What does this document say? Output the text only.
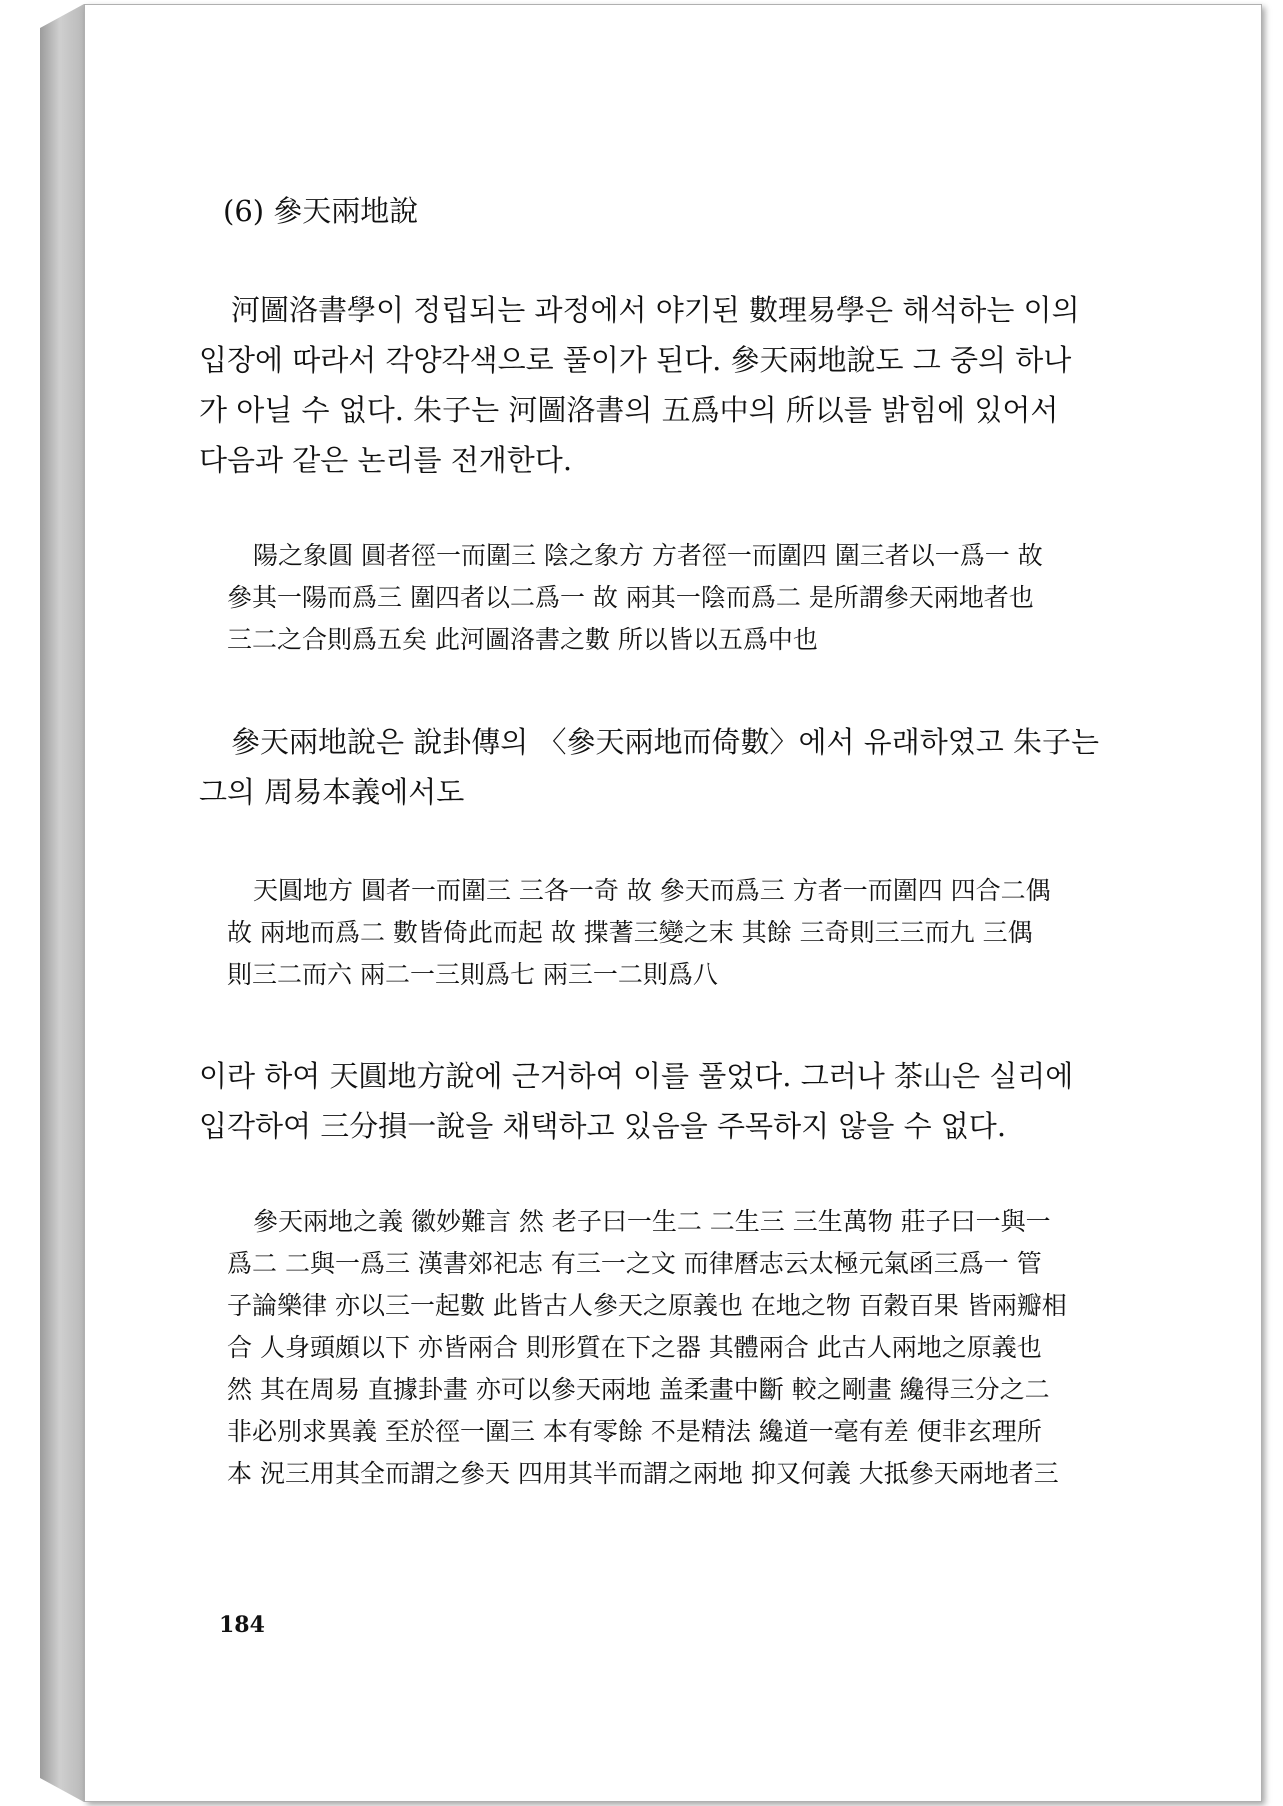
(6) 參天兩地說
河圖洛書學이 정립되는 과정에서 야기된 數理易學은 해석하는 이의
입장에 따라서 각양각색으로 풀이가 된다. 參天兩地說도 그 중의 하나
가 아닐 수 없다. 朱子는 河圖洛書의 五爲中의 所以를 밝힘에 있어서
다음과 같은 논리를 전개한다.
陽之象圓 圓者徑一而圍三 陰之象方 方者徑一而圍四 圍三者以一爲一 故
參其一陽而爲三 圍四者以二爲一 故 兩其一陰而爲二 是所謂參天兩地者也
三二之合則爲五矣 此河圖洛書之數 所以皆以五爲中也
參天兩地說은 說卦傳의 〈參天兩地而倚數〉에서 유래하였고 朱子는
그의 周易本義에서도
天圓地方 圓者一而圍三 三各一奇 故 參天而爲三 方者一而圍四 四合二偶
故 兩地而爲二 數皆倚此而起 故 揲蓍三變之末 其餘 三奇則三三而九 三偶
則三二而六 兩二一三則爲七 兩三一二則爲八
이라 하여 天圓地方說에 근거하여 이를 풀었다. 그러나 茶山은 실리에
입각하여 三分損一說을 채택하고 있음을 주목하지 않을 수 없다.
參天兩地之義 徽妙難言 然 老子曰一生二 二生三 三生萬物 莊子曰一與一
爲二 二與一爲三 漢書郊祀志 有三一之文 而律曆志云太極元氣函三爲一 管
子論樂律 亦以三一起數 此皆古人參天之原義也 在地之物 百穀百果 皆兩瓣相
合 人身頭頗以下 亦皆兩合 則形質在下之器 其體兩合 此古人兩地之原義也
然 其在周易 直據卦畫 亦可以參天兩地 盖柔畫中斷 較之剛畫 纔得三分之二
非必別求異義 至於徑一圍三 本有零餘 不是精法 纔道一毫有差 便非玄理所
本 況三用其全而謂之參天 四用其半而謂之兩地 抑又何義 大抵參天兩地者三
184
